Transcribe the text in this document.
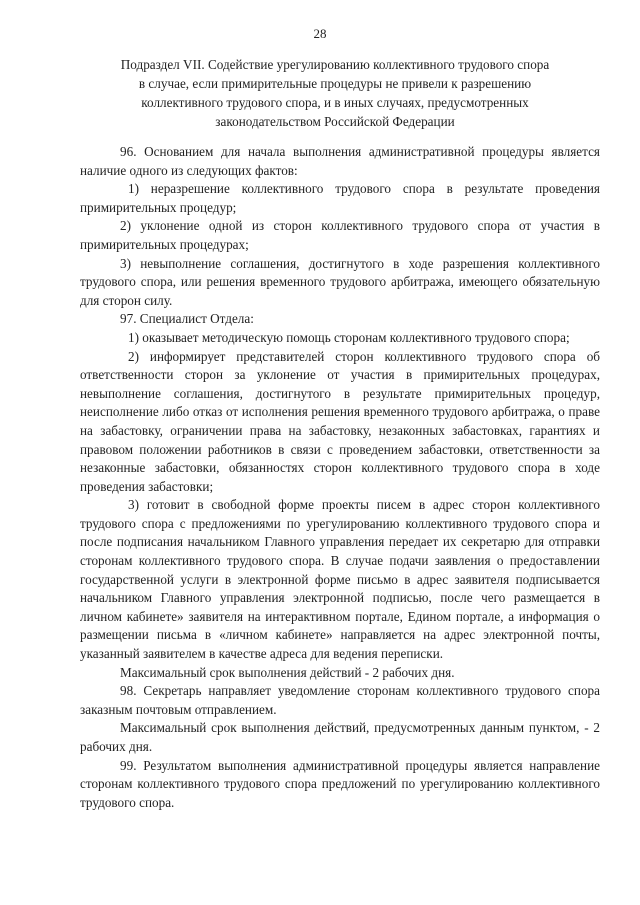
28
Подраздел VII. Содействие урегулированию коллективного трудового спора
в случае, если примирительные процедуры не привели к разрешению
коллективного трудового спора, и в иных случаях, предусмотренных
законодательством Российской Федерации

96. Основанием для начала выполнения административной процедуры является наличие одного из следующих фактов:

1) неразрешение коллективного трудового спора в результате проведения примирительных процедур;

2) уклонение одной из сторон коллективного трудового спора от участия в примирительных процедурах;

3) невыполнение соглашения, достигнутого в ходе разрешения коллективного трудового спора, или решения временного трудового арбитража, имеющего обязательную для сторон силу.

97. Специалист Отдела:

1) оказывает методическую помощь сторонам коллективного трудового спора;

2) информирует представителей сторон коллективного трудового спора об ответственности сторон за уклонение от участия в примирительных процедурах, невыполнение соглашения, достигнутого в результате примирительных процедур, неисполнение либо отказ от исполнения решения временного трудового арбитража, о праве на забастовку, ограничении права на забастовку, незаконных забастовках, гарантиях и правовом положении работников в связи с проведением забастовки, ответственности за незаконные забастовки, обязанностях сторон коллективного трудового спора в ходе проведения забастовки;

3) готовит в свободной форме проекты писем в адрес сторон коллективного трудового спора с предложениями по урегулированию коллективного трудового спора и после подписания начальником Главного управления передает их секретарю для отправки сторонам коллективного трудового спора. В случае подачи заявления о предоставлении государственной услуги в электронной форме письмо в адрес заявителя подписывается начальником Главного управления электронной подписью, после чего размещается в личном кабинете» заявителя на интерактивном портале, Едином портале, а информация о размещении письма в «личном кабинете» направляется на адрес электронной почты, указанный заявителем в качестве адреса для ведения переписки.

Максимальный срок выполнения действий - 2 рабочих дня.

98. Секретарь направляет уведомление сторонам коллективного трудового спора заказным почтовым отправлением.

Максимальный срок выполнения действий, предусмотренных данным пунктом, - 2 рабочих дня.

99. Результатом выполнения административной процедуры является направление сторонам коллективного трудового спора предложений по урегулированию коллективного трудового спора.
